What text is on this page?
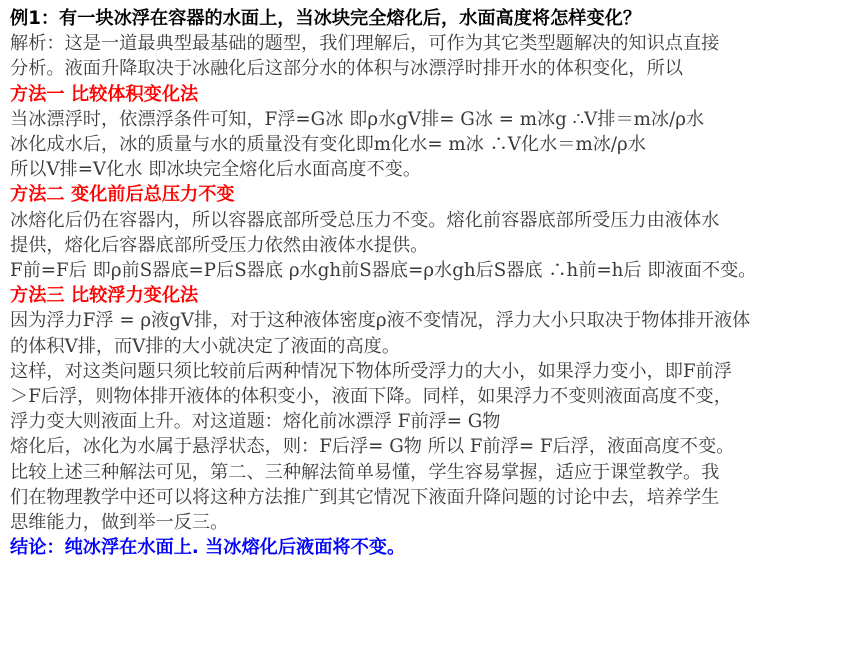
例1：有一块冰浮在容器的水面上，当冰块完全熔化后，水面高度将怎样变化？

解析：这是一道最典型最基础的题型，我们理解后，可作为其它类型题解决的知识点直接

分析。液面升降取决于冰融化后这部分水的体积与冰漂浮时排开水的体积变化，所以

方法一 比较体积变化法

当冰漂浮时，依漂浮条件可知，F浮=G冰 即ρ水gV排= G冰 = m冰g ∴V排＝m冰/ρ水

冰化成水后，冰的质量与水的质量没有变化即m化水= m冰 ∴V化水＝m冰/ρ水

所以V排=V化水 即冰块完全熔化后水面高度不变。

方法二 变化前后总压力不变

冰熔化后仍在容器内，所以容器底部所受总压力不变。熔化前容器底部所受压力由液体水

提供，熔化后容器底部所受压力依然由液体水提供。

F前=F后 即ρ前S器底=P后S器底 ρ水gh前S器底=ρ水gh后S器底 ∴h前=h后 即液面不变。

方法三 比较浮力变化法

因为浮力F浮 = ρ液gV排，对于这种液体密度ρ液不变情况，浮力大小只取决于物体排开液体

的体积V排，而V排的大小就决定了液面的高度。

这样，对这类问题只须比较前后两种情况下物体所受浮力的大小，如果浮力变小，即F前浮

＞F后浮，则物体排开液体的体积变小，液面下降。同样，如果浮力不变则液面高度不变，

浮力变大则液面上升。对这道题：熔化前冰漂浮 F前浮= G物

熔化后，冰化为水属于悬浮状态，则：F后浮= G物 所以 F前浮= F后浮，液面高度不变。

比较上述三种解法可见，第二、三种解法简单易懂，学生容易掌握，适应于课堂教学。我

们在物理教学中还可以将这种方法推广到其它情况下液面升降问题的讨论中去，培养学生

思维能力，做到举一反三。

结论：纯冰浮在水面上. 当冰熔化后液面将不变。
